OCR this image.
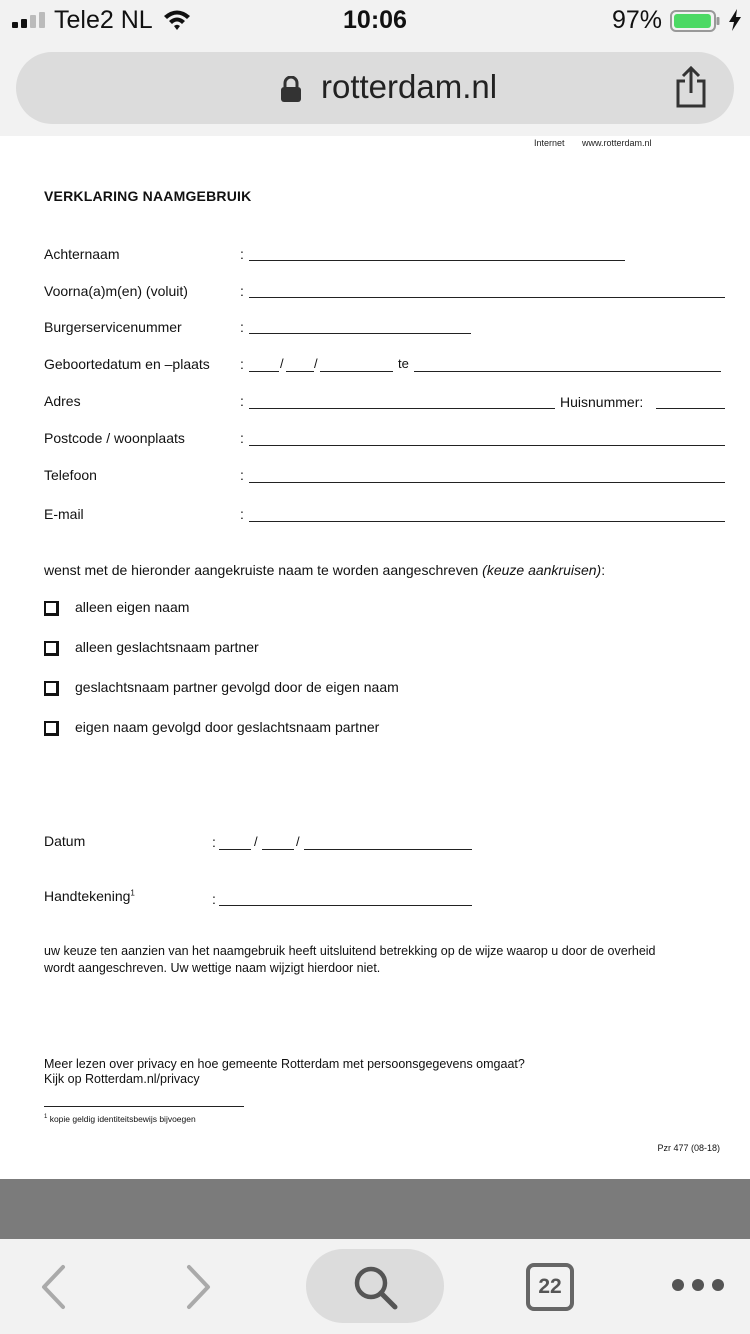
Tele2 NL	10:06	97%
rotterdam.nl
Internet www.rotterdam.nl
VERKLARING NAAMGEBRUIK
Achternaam	:
Voorna(a)m(en) (voluit)	:
Burgerservicenummer	:
Geboortedatum en –plaats :	/ /	te
Adres	:	Huisnummer:
Postcode / woonplaats	:
Telefoon	:
E-mail	:
wenst met de hieronder aangekruiste naam te worden aangeschreven (keuze aankruisen):
alleen eigen naam
alleen geslachtsnaam partner
geslachtsnaam partner gevolgd door de eigen naam
eigen naam gevolgd door geslachtsnaam partner
Datum	:	/	/
Handtekening$^1$	:
uw keuze ten aanzien van het naamgebruik heeft uitsluitend betrekking op de wijze waarop u door de overheid wordt aangeschreven. Uw wettige naam wijzigt hierdoor niet.
Meer lezen over privacy en hoe gemeente Rotterdam met persoonsgegevens omgaat?
Kijk op Rotterdam.nl/privacy
$^1$ kopie geldig identiteitsbewijs bijvoegen
Pzr 477 (08-18)
22
